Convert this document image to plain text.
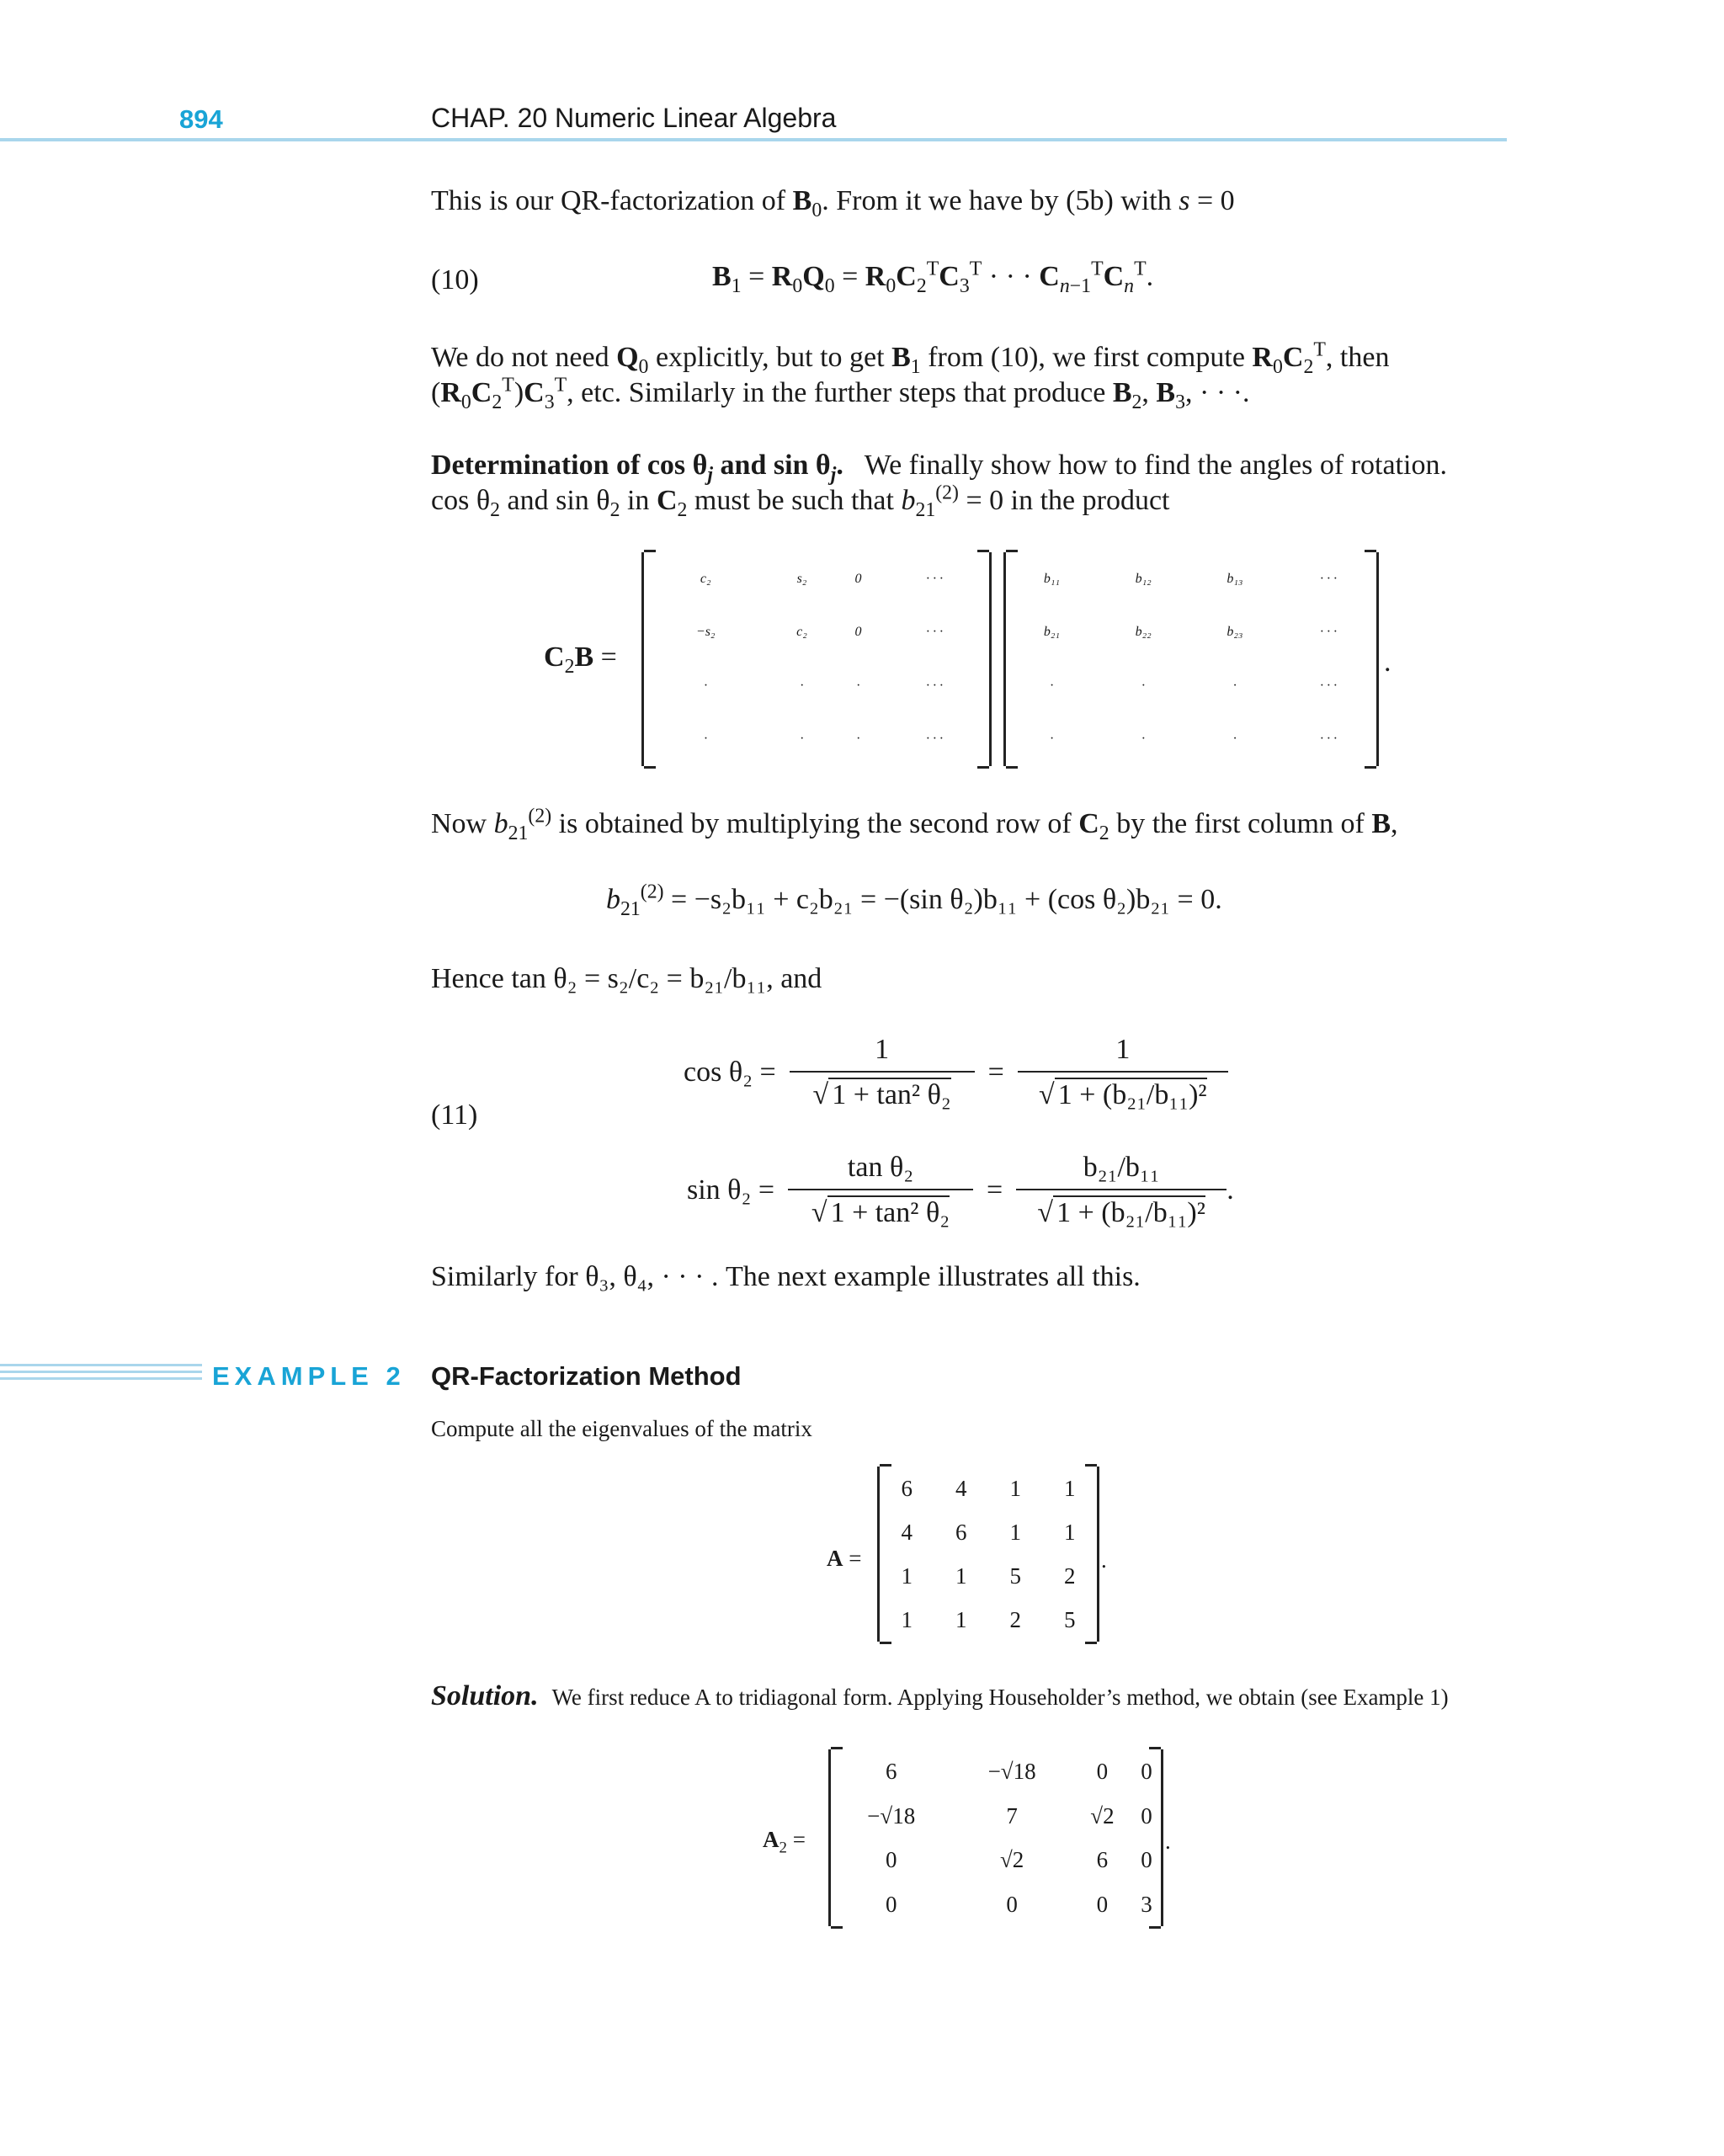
894	CHAP. 20 Numeric Linear Algebra
This is our QR-factorization of $B_0$. From it we have by (5b) with s = 0
(10)	$B_1 = R_0Q_0 = R_0C_2^TC_3^T$ · · · $C_{n-1}^TC_n^T$.
We do not need $Q_0$ explicitly, but to get $B_1$ from (10), we first compute $R_0C_2^T$, then
$(R_0C_2^T)C_3^T$, etc. Similarly in the further steps that produce $B_2$, $B_3$, · · ·.
Determination of $\cos \theta_j$ and $\sin \theta_j$. We finally show how to find the angles of rotation.
$\cos \theta_2$ and $\sin \theta_2$ in $C_2$ must be such that $b_{21}^{(2)} = 0$ in the product
$C_2B$ =
c₂	s₂	0	· · ·
−s₂	c₂	0	· · ·
·	·	·	· · ·
·	·	·	· · ·
b₁₁	b₁₂	b₁₃	· · ·
b₂₁	b₂₂	b₂₃	· · ·
·	·	·	· · ·
·	·	·	· · ·
.
Now $b_{21}^{(2)}$ is obtained by multiplying the second row of $C_2$ by the first column of B,
$b_{21}^{(2)} = -s_2b_{11} + c_2b_{21} = -(\sin$ θ₂)b₁₁ + (cos θ₂)b₂₁ = 0.
Hence tan θ₂ = s₂/c₂ = b₂₁/b₁₁, and
(11)
$\cos \theta_2 = \frac{1}{\text{√ 1 + tan² θ₂}} = \frac{1}{\text{√ 1 + (b₂₁/b₁₁)²}}$
$\sin \theta_2 = \frac{\text{tan θ₂}}{\text{√ 1 + tan² θ₂}} = \frac{\text{b₂₁/b₁₁}}{\text{√ 1 + (b₂₁/b₁₁)²}}$ .
Similarly for θ₃, θ₄, · · · . The next example illustrates all this.
EXAMPLE 2 QR-Factorization Method
Compute all the eigenvalues of the matrix
A =
6	4	1	1
4	6	1	1
1	1	5	2
1	1	2	5
.
Solution. We first reduce A to tridiagonal form. Applying Householder’s method, we obtain (see Example 1)
$A_2$ =
6	−√18	0	0
−√18	7	√2	0
0	√2	6	0
0	0	0	3
.
